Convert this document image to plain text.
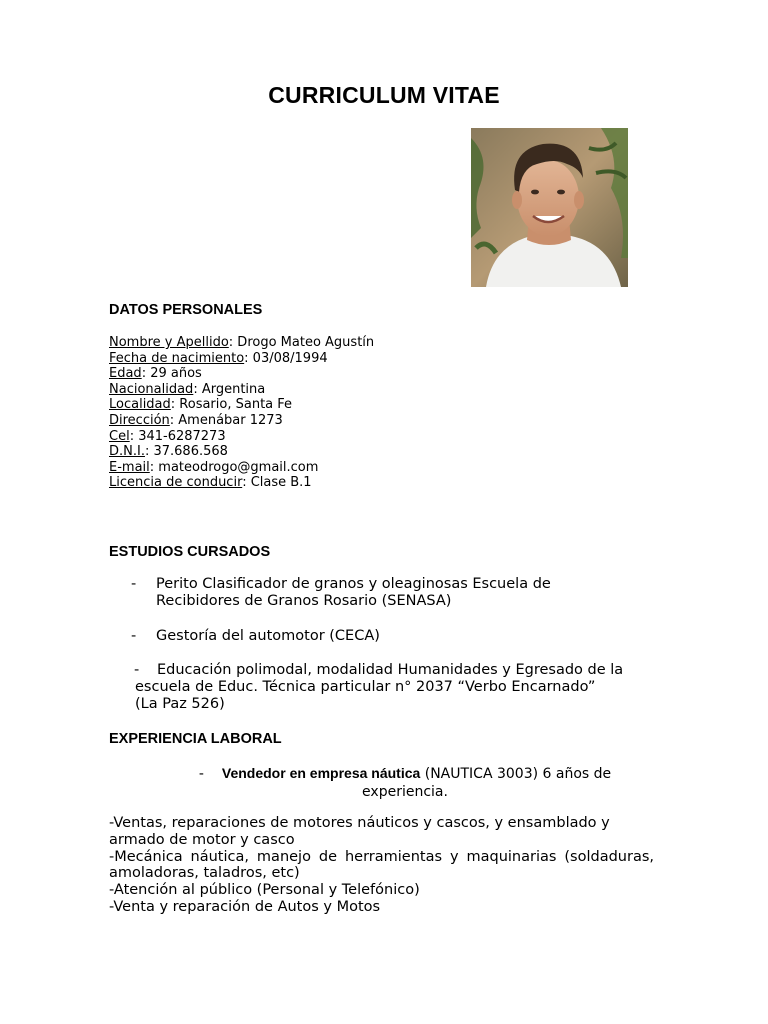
CURRICULUM VITAE
DATOS PERSONALES
Nombre y Apellido: Drogo Mateo Agustín
Fecha de nacimiento: 03/08/1994
Edad: 29 años
Nacionalidad: Argentina
Localidad: Rosario, Santa Fe
Dirección: Amenábar 1273
Cel: 341-6287273
D.N.I.: 37.686.568
E-mail: mateodrogo@gmail.com
Licencia de conducir: Clase B.1
ESTUDIOS CURSADOS
- Perito Clasificador de granos y oleaginosas Escuela de
Recibidores de Granos Rosario (SENASA)
- Gestoría del automotor (CECA)
- Educación polimodal, modalidad Humanidades y Egresado de la
escuela de Educ. Técnica particular n° 2037 “Verbo Encarnado”
(La Paz 526)
EXPERIENCIA LABORAL
- Vendedor en empresa náutica (NAUTICA 3003) 6 años de
experiencia.

-Ventas, reparaciones de motores náuticos y cascos, y ensamblado y armado de motor y casco

-Mecánica náutica, manejo de herramientas y maquinarias (soldaduras, amoladoras, taladros, etc)

-Atención al público (Personal y Telefónico)

-Venta y reparación de Autos y Motos
